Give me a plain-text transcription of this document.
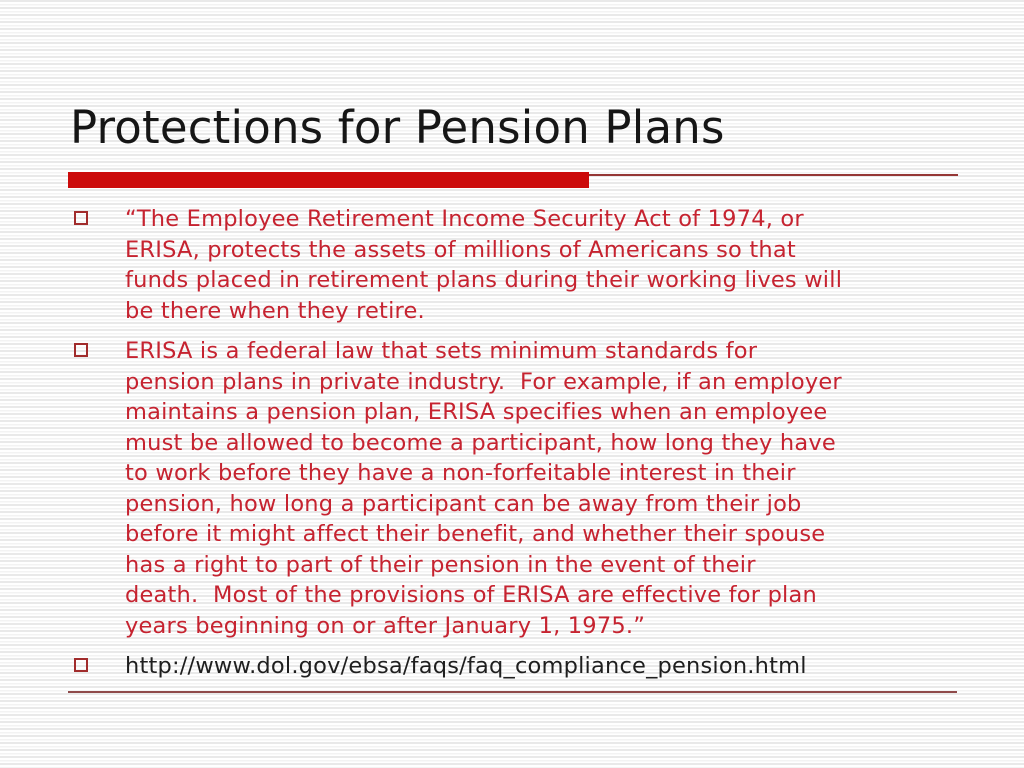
Protections for Pension Plans
“The Employee Retirement Income Security Act of 1974, or
ERISA, protects the assets of millions of Americans so that
funds placed in retirement plans during their working lives will
be there when they retire.
ERISA is a federal law that sets minimum standards for
pension plans in private industry.  For example, if an employer
maintains a pension plan, ERISA specifies when an employee
must be allowed to become a participant, how long they have
to work before they have a non-forfeitable interest in their
pension, how long a participant can be away from their job
before it might affect their benefit, and whether their spouse
has a right to part of their pension in the event of their
death.  Most of the provisions of ERISA are effective for plan
years beginning on or after January 1, 1975.”
http://www.dol.gov/ebsa/faqs/faq_compliance_pension.html
